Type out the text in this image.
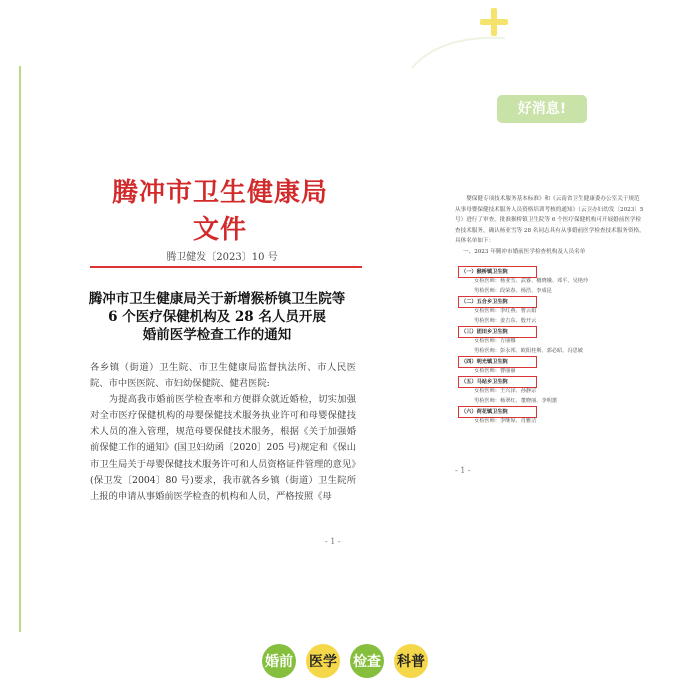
好消息!
腾冲市卫生健康局文件
腾卫健发〔2023〕10 号
腾冲市卫生健康局关于新增猴桥镇卫生院等
6 个医疗保健机构及 28 名人员开展
婚前医学检查工作的通知

各乡镇（街道）卫生院、市卫生健康局监督执法所、市人民医院、市中医医院、市妇幼保健院、健君医院:

为提高我市婚前医学检查率和方便群众就近婚检，切实加强对全市医疗保健机构的母婴保健技术服务执业许可和母婴保健技术人员的准入管理，规范母婴保健技术服务，根据《关于加强婚前保健工作的通知》(国卫妇幼函〔2020〕205 号)规定和《保山市卫生局关于母婴保健技术服务许可和人员资格证件管理的意见》(保卫发〔2004〕80 号)要求，我市就各乡镇（街道）卫生院所上报的申请从事婚前医学检查的机构和人员，严格按照《母

- 1 -

婴保健专项技术服务基本标准》和《云南省卫生健康委办公室关于规范从事母婴保健技术服务人员资格培训考核的通知》（云卫办妇幼发〔2023〕5 号）进行了审查，批准猴桥镇卫生院等 6 个医疗保健机构可开展婚前医学检查技术服务，确认杨亚雪等 28 名同志具有从事婚前医学检查技术服务资格，具体名单如下：

一、2023 年腾冲市婚前医学检查机构及人员名单

（一）猴桥镇卫生院
女检医师：杨亚雪、武睿、檀晓娥、邓平、吴艳玲
男检医师：段荣春、杨浩、李成昆
（二）五合乡卫生院
女检医师：李红燕、曹云娟
男检医师：姜吉东、殷开云
（三）团田乡卫生院
女检医师：方丽娜
男检医师：彭永邦、欧阳桂斯、郭必昭、冯思敏
（四）明光镇卫生院
女检医师：曹丽丽
（五）马站乡卫生院
女检医师：王兴泽、孙静宗
男检医师：杨翠红、董晓丽、李明蕙
（六）荷花镇卫生院
女检医师：李继琼、肖雅洁
- 1 -
婚前 医学 检查 科普
